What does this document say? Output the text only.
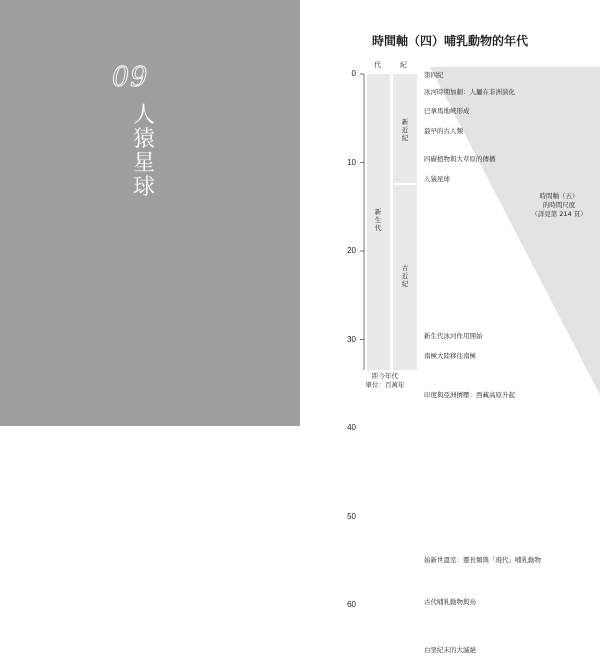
09
人猿星球
時間軸（四）哺乳動物的年代
代	紀
0
10
20
30
40
50
60
新生代
新近紀
古近紀
第四紀
冰河時期加劇：人屬在非洲演化
巴拿馬地峽形成
最早的古人類
四碳植物與大草原的傳播
人猿星球
新生代冰河作用開始
南極大陸移往南極
印度與亞洲擠壓：西藏高原升起
始新世溫室：靈長類與「現代」哺乳動物
古代哺乳動物與鳥
白堊紀末的大滅絕
時間軸（五）
的時間尺度
（詳見第 214 頁）
距今年代
單位：百萬年
